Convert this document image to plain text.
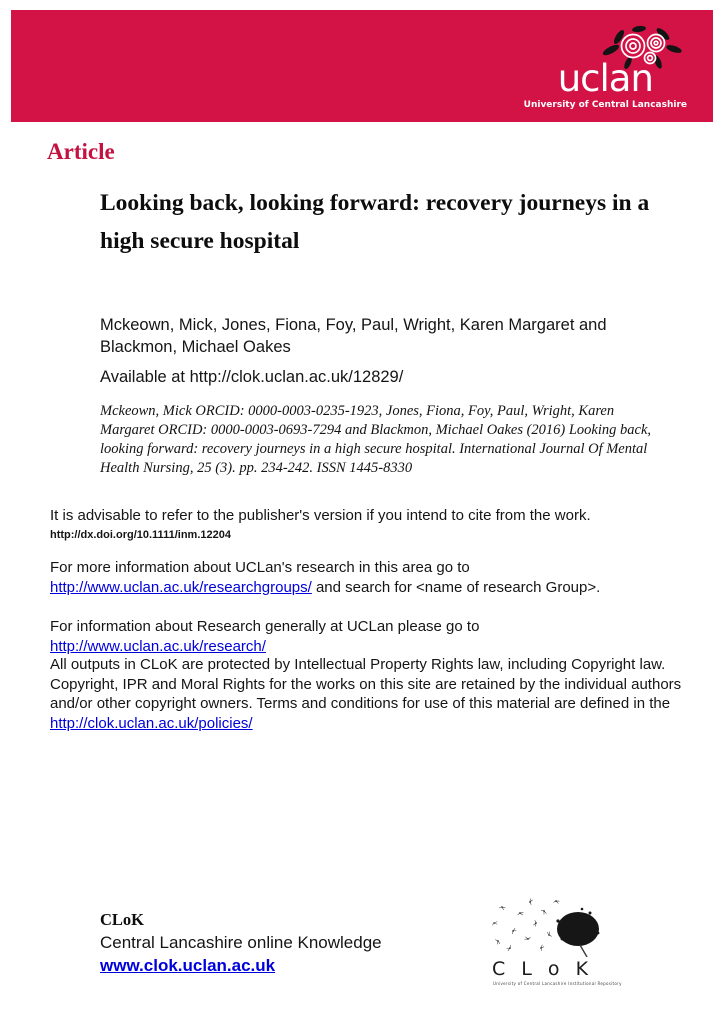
uclan
University of Central Lancashire
Article
Looking back, looking forward: recovery journeys in a high secure hospital
Mckeown, Mick, Jones, Fiona, Foy, Paul, Wright, Karen Margaret and Blackmon, Michael Oakes
Available at http://clok.uclan.ac.uk/12829/
Mckeown, Mick ORCID: 0000-0003-0235-1923, Jones, Fiona, Foy, Paul, Wright, Karen Margaret ORCID: 0000-0003-0693-7294 and Blackmon, Michael Oakes (2016) Looking back, looking forward: recovery journeys in a high secure hospital. International Journal Of Mental Health Nursing, 25 (3). pp. 234-242. ISSN 1445-8330
It is advisable to refer to the publisher's version if you intend to cite from the work.
http://dx.doi.org/10.1111/inm.12204
For more information about UCLan's research in this area go to
http://www.uclan.ac.uk/researchgroups/ and search for <name of research Group>.
For information about Research generally at UCLan please go to
http://www.uclan.ac.uk/research/
All outputs in CLoK are protected by Intellectual Property Rights law, including Copyright law. Copyright, IPR and Moral Rights for the works on this site are retained by the individual authors and/or other copyright owners. Terms and conditions for use of this material are defined in the http://clok.uclan.ac.uk/policies/
CLoK
Central Lancashire online Knowledge
www.clok.uclan.ac.uk	C L o K
University of Central Lancashire Institutional Repository
